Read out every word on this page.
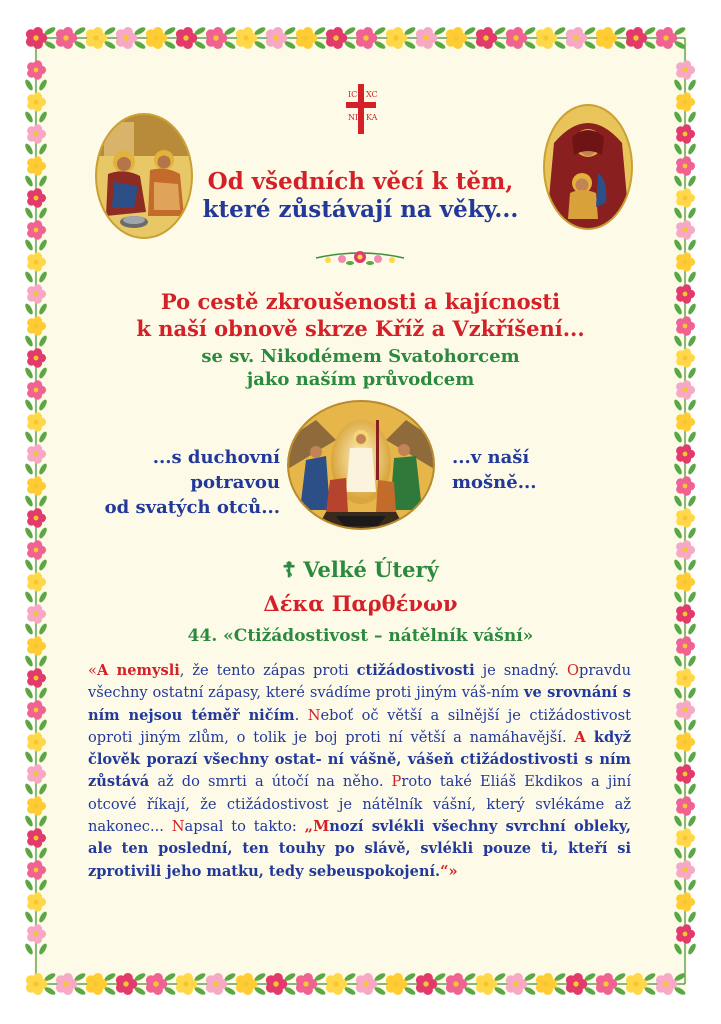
IC XC
NI KA
Od všedních věcí k těm,
které zůstávají na věky...
Po cestě zkroušenosti a kajícnosti
k naší obnově skrze Kříž a Vzkříšení...
se sv. Nikodémem Svatohorcem
jako naším průvodcem
...s duchovní
potravou
od svatých otců...
...v naší
mošně...
☦ Velké Úterý
Δέκα Παρθένων
44. «Ctižádostivost – nátělník vášní»
«A nemysli, že tento zápas proti ctižádostivosti je snadný. Opravdu všechny ostatní zápasy, které svádíme proti jiným váš-ním ve srovnání s ním nejsou téměř ničím. Neboť oč větší a silnější je ctižádostivost oproti jiným zlům, o tolik je boj proti ní větší a namáhavější. A když člověk porazí všechny ostat- ní vášně, vášeň ctižádostivosti s ním zůstává až do smrti a útočí na něho. Proto také Eliáš Ekdikos a jiní otcové říkají, že ctižádostivost je nátělník vášní, který svlékáme až nakonec... Napsal to takto: „Mnozí svlékli všechny svrchní obleky, ale ten poslední, ten touhy po slávě, svlékli pouze ti, kteří si zprotivili jeho matku, tedy sebeuspokojení.“»
